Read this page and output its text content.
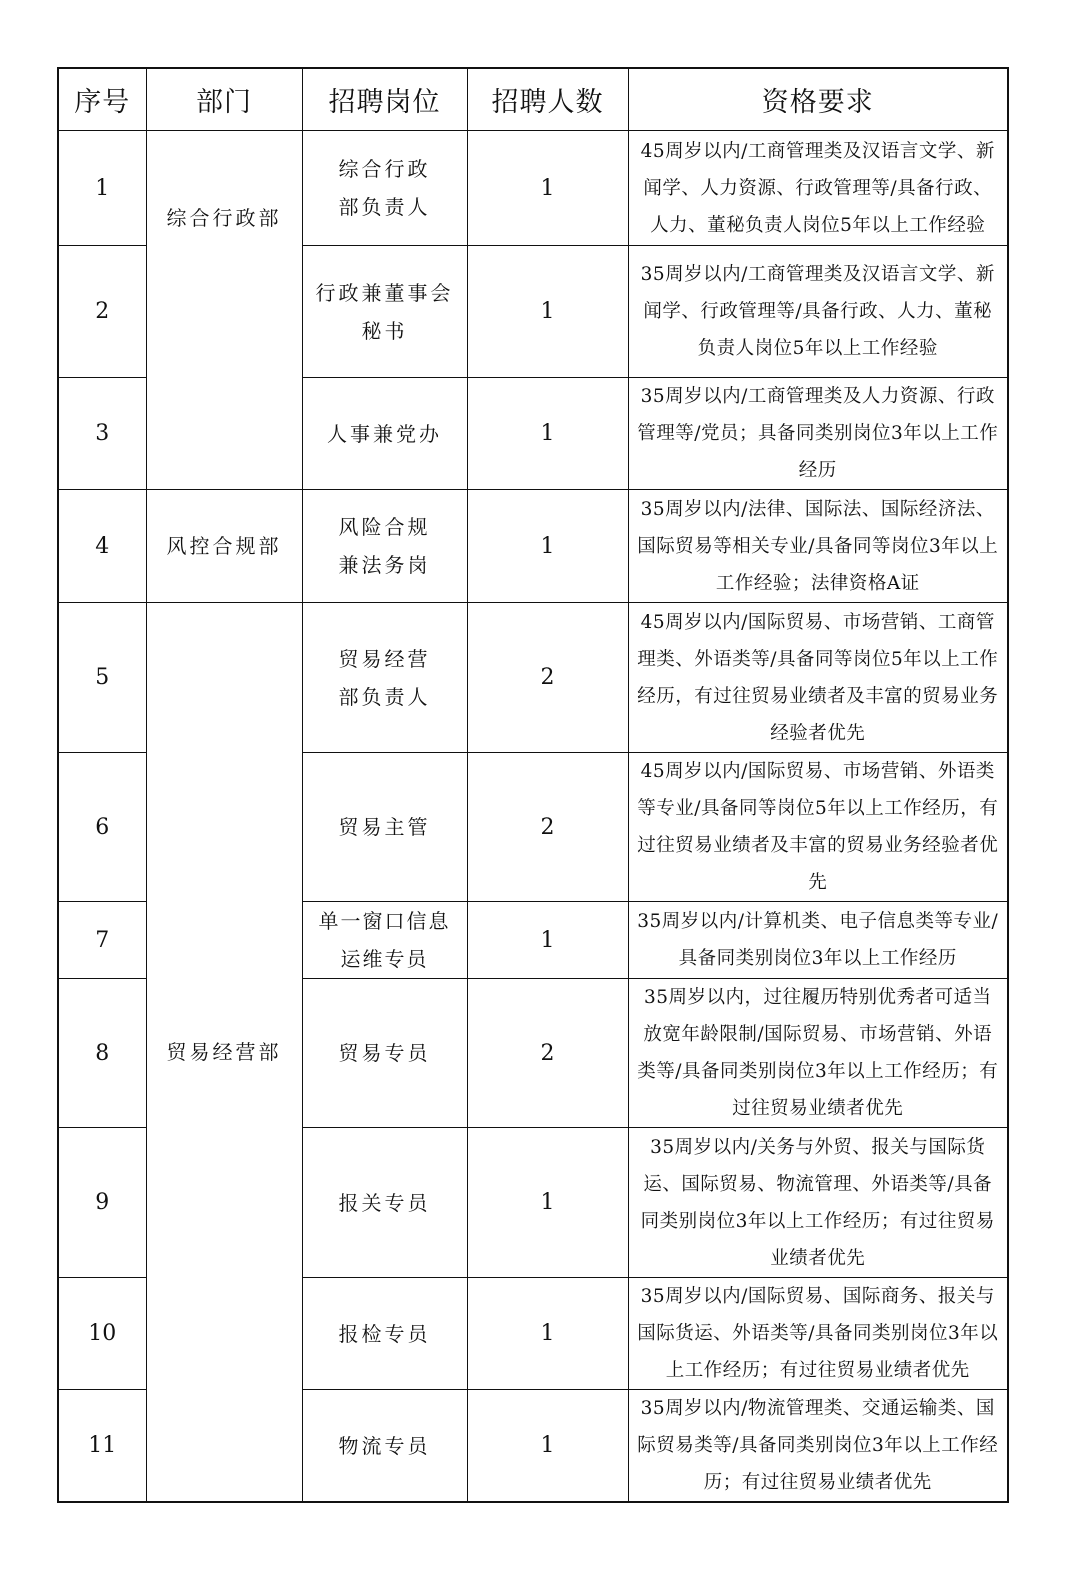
序号	部门	招聘岗位	招聘人数	资格要求
1	综合行政部	综合行政部负责人	1	45周岁以内/工商管理类及汉语言文学、新闻学、人力资源、行政管理等/具备行政、人力、董秘负责人岗位5年以上工作经验
2		行政兼董事会秘书	1	35周岁以内/工商管理类及汉语言文学、新闻学、行政管理等/具备行政、人力、董秘负责人岗位5年以上工作经验
3		人事兼党办	1	35周岁以内/工商管理类及人力资源、行政管理等/党员；具备同类别岗位3年以上工作经历
4	风控合规部	风险合规兼法务岗	1	35周岁以内/法律、国际法、国际经济法、国际贸易等相关专业/具备同等岗位3年以上工作经验；法律资格A证
5	贸易经营部	贸易经营部负责人	2	45周岁以内/国际贸易、市场营销、工商管理类、外语类等/具备同等岗位5年以上工作经历，有过往贸易业绩者及丰富的贸易业务经验者优先
6		贸易主管	2	45周岁以内/国际贸易、市场营销、外语类等专业/具备同等岗位5年以上工作经历，有过往贸易业绩者及丰富的贸易业务经验者优先
7		单一窗口信息运维专员	1	35周岁以内/计算机类、电子信息类等专业/具备同类别岗位3年以上工作经历
8		贸易专员	2	35周岁以内，过往履历特别优秀者可适当放宽年龄限制/国际贸易、市场营销、外语类等/具备同类别岗位3年以上工作经历；有过往贸易业绩者优先
9		报关专员	1	35周岁以内/关务与外贸、报关与国际货运、国际贸易、物流管理、外语类等/具备同类别岗位3年以上工作经历；有过往贸易业绩者优先
10		报检专员	1	35周岁以内/国际贸易、国际商务、报关与国际货运、外语类等/具备同类别岗位3年以上工作经历；有过往贸易业绩者优先
11		物流专员	1	35周岁以内/物流管理类、交通运输类、国际贸易类等/具备同类别岗位3年以上工作经历；有过往贸易业绩者优先
